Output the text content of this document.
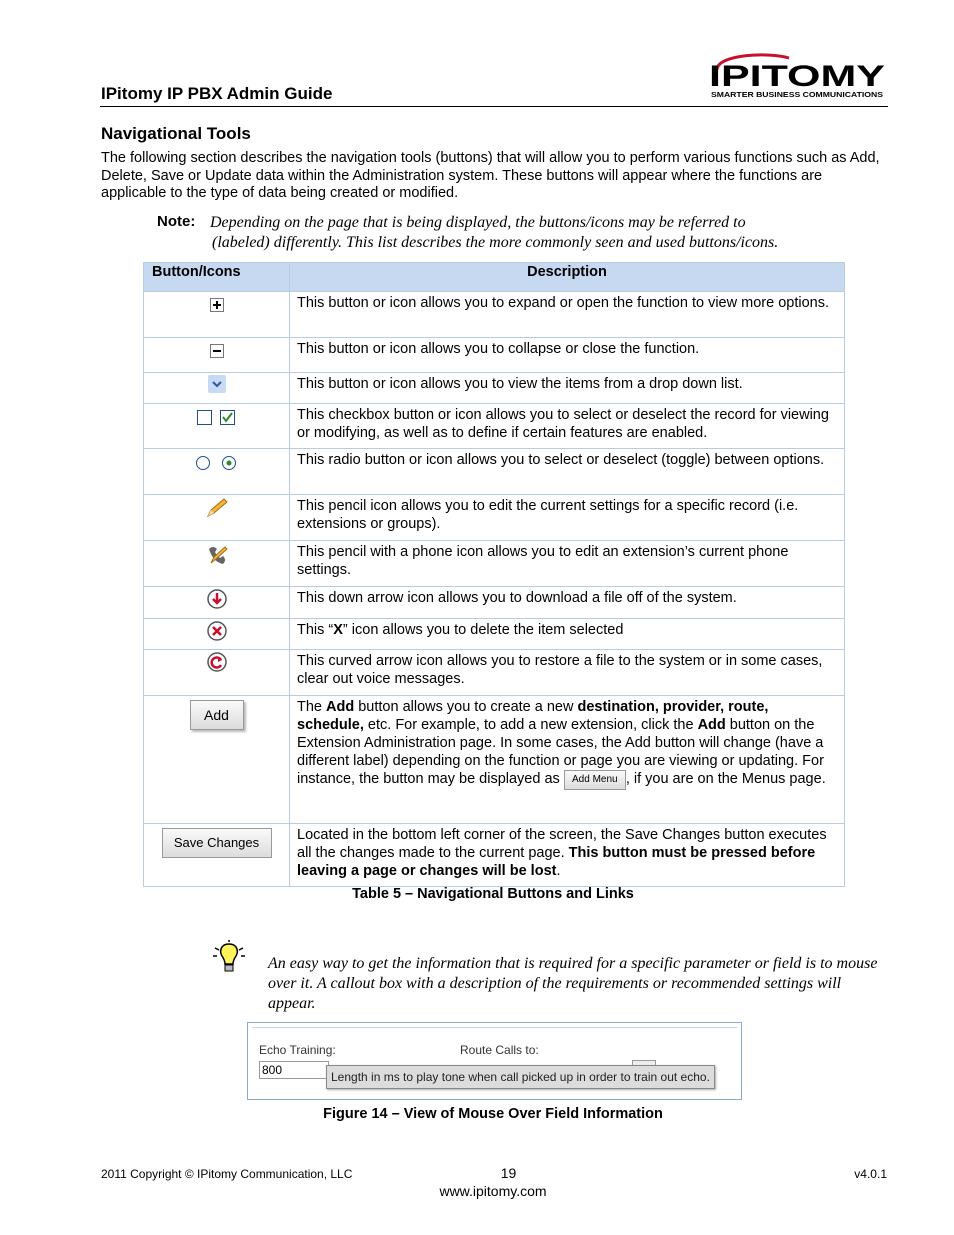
IPitomy IP PBX Admin Guide
IPITOMY
SMARTER BUSINESS COMMUNICATIONS
Navigational Tools
The following section describes the navigation tools (buttons) that will allow you to perform various functions such as Add, Delete, Save or Update data within the Administration system. These buttons will appear where the functions are applicable to the type of data being created or modified.
Note: Depending on the page that is being displayed, the buttons/icons may be referred to
(labeled) differently. This list describes the more commonly seen and used buttons/icons.
Button/Icons	Description
	This button or icon allows you to expand or open the function to view more options.
	This button or icon allows you to collapse or close the function.
	This button or icon allows you to view the items from a drop down list.
	This checkbox button or icon allows you to select or deselect the record for viewing or modifying, as well as to define if certain features are enabled.
	This radio button or icon allows you to select or deselect (toggle) between options.
	This pencil icon allows you to edit the current settings for a specific record (i.e. extensions or groups).
	This pencil with a phone icon allows you to edit an extension’s current phone settings.
	This down arrow icon allows you to download a file off of the system.
	This “X” icon allows you to delete the item selected
	This curved arrow icon allows you to restore a file to the system or in some cases, clear out voice messages.
Add	The Add button allows you to create a new destination, provider, route, schedule, etc. For example, to add a new extension, click the Add button on the Extension Administration page. In some cases, the Add button will change (have a different label) depending on the function or page you are viewing or updating. For instance, the button may be displayed as Add Menu , if you are on the Menus page.
Save Changes	Located in the bottom left corner of the screen, the Save Changes button executes all the changes made to the current page. This button must be pressed before leaving a page or changes will be lost.
Table 5 – Navigational Buttons and Links
An easy way to get the information that is required for a specific parameter or field is to mouse over it. A callout box with a description of the requirements or recommended settings will appear.
Echo Training:
800
Route Calls to:
Length in ms to play tone when call picked up in order to train out echo.
Figure 14 – View of Mouse Over Field Information
2011 Copyright © IPitomy Communication, LLC	19
www.ipitomy.com
v4.0.1
